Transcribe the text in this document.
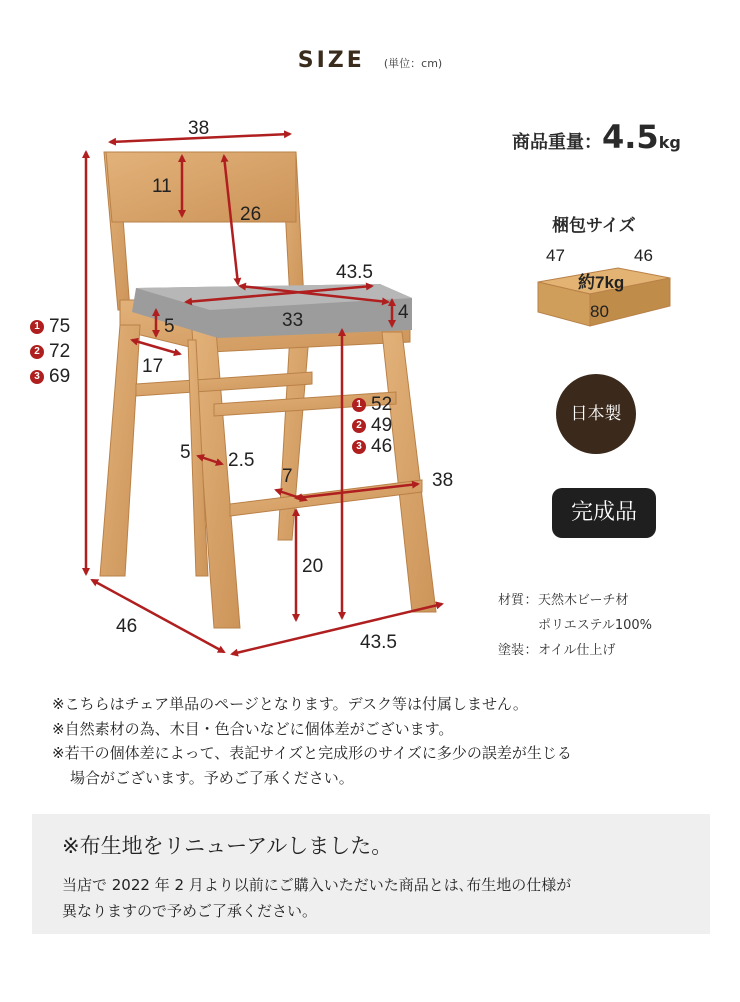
SIZE (単位：cm)
38
11
26
43.5
33
5
4
17
5 2.5
7	38
20
46
43.5
1 75
2 72
3 69
1 52
2 49
3 46
商品重量：4.5kg
梱包サイズ
47	46
約7kg
80
日本製
完成品
材質：天然木ビーチ材
ポリエステル100%
塗装：オイル仕上げ
※こちらはチェア単品のページとなります。デスク等は付属しません。
※自然素材の為、木目・色合いなどに個体差がございます。
※若干の個体差によって、表記サイズと完成形のサイズに多少の誤差が生じる
場合がございます。予めご了承ください。
※布生地をリニューアルしました。
当店で 2022 年 2 月より以前にご購入いただいた商品とは､布生地の仕様が
異なりますので予めご了承ください。
